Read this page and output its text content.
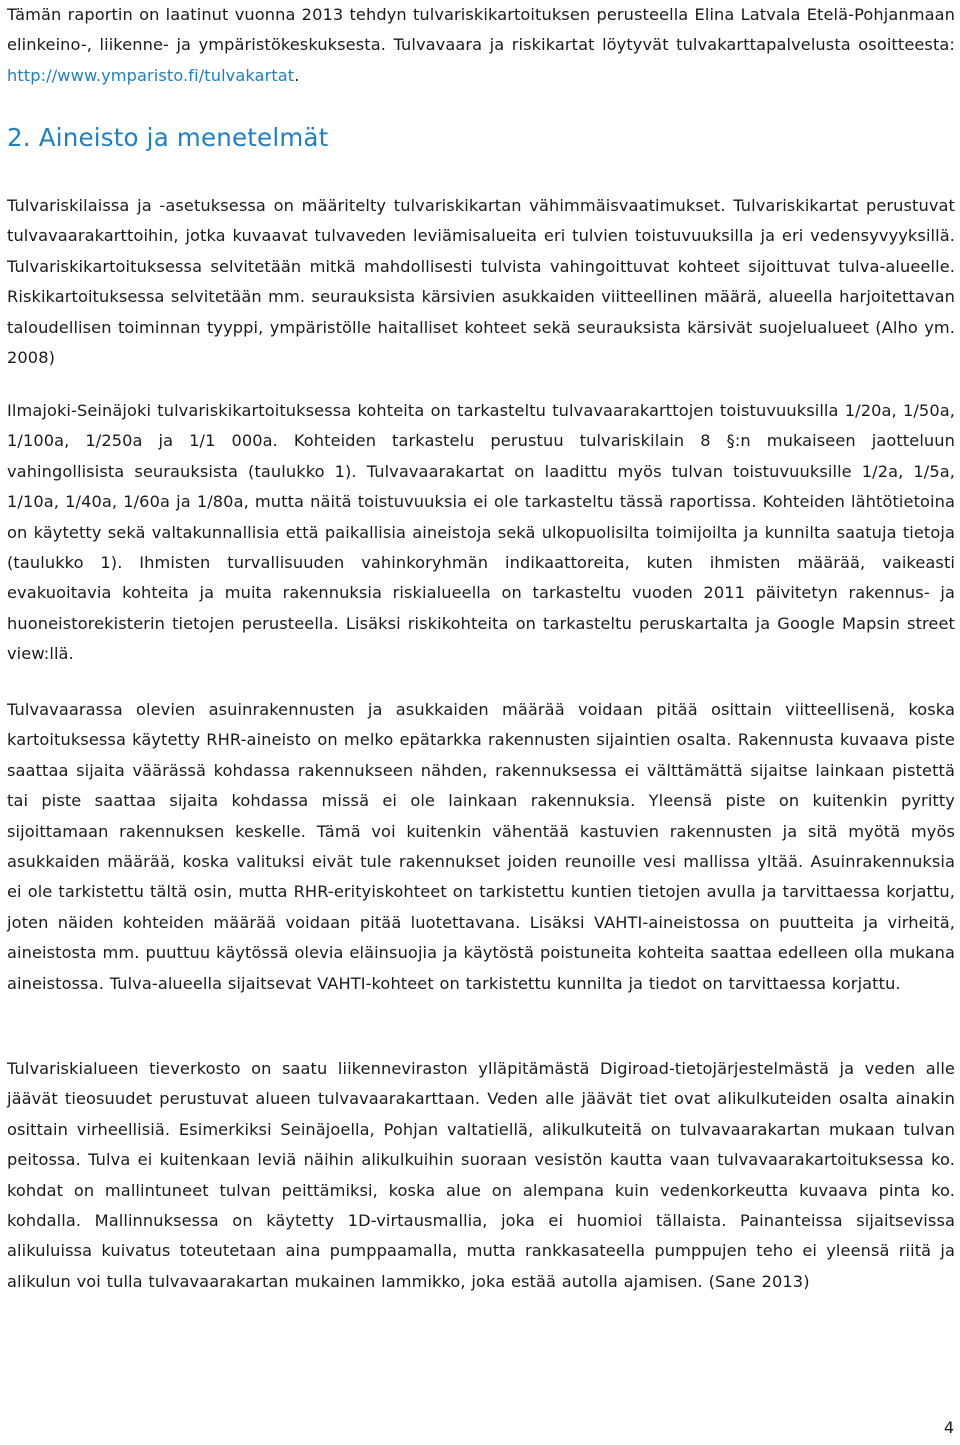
Tämän raportin on laatinut vuonna 2013 tehdyn tulvariskikartoituksen perusteella Elina Latvala Etelä-Pohjanmaan elinkeino-, liikenne- ja ympäristökeskuksesta. Tulvavaara ja riskikartat löytyvät tulvakarttapalvelusta osoitteesta: http://www.ymparisto.fi/tulvakartat.

2. Aineisto ja menetelmät

Tulvariskilaissa ja -asetuksessa on määritelty tulvariskikartan vähimmäisvaatimukset. Tulvariskikartat perustuvat tulvavaarakarttoihin, jotka kuvaavat tulvaveden leviämisalueita eri tulvien toistuvuuksilla ja eri vedensyvyyksillä. Tulvariskikartoituksessa selvitetään mitkä mahdollisesti tulvista vahingoittuvat kohteet sijoittuvat tulva-alueelle. Riskikartoituksessa selvitetään mm. seurauksista kärsivien asukkaiden viitteellinen määrä, alueella harjoitettavan taloudellisen toiminnan tyyppi, ympäristölle haitalliset kohteet sekä seurauksista kärsivät suojelualueet (Alho ym. 2008)

Ilmajoki-Seinäjoki tulvariskikartoituksessa kohteita on tarkasteltu tulvavaarakarttojen toistuvuuksilla 1/20a, 1/50a, 1/100a, 1/250a ja 1/1 000a. Kohteiden tarkastelu perustuu tulvariskilain 8 §:n mukaiseen jaotteluun vahingollisista seurauksista (taulukko 1). Tulvavaarakartat on laadittu myös tulvan toistuvuuksille 1/2a, 1/5a, 1/10a, 1/40a, 1/60a ja 1/80a, mutta näitä toistuvuuksia ei ole tarkasteltu tässä raportissa. Kohteiden lähtötietoina on käytetty sekä valtakunnallisia että paikallisia aineistoja sekä ulkopuolisilta toimijoilta ja kunnilta saatuja tietoja (taulukko 1). Ihmisten turvallisuuden vahinkoryhmän indikaattoreita, kuten ihmisten määrää, vaikeasti evakuoitavia kohteita ja muita rakennuksia riskialueella on tarkasteltu vuoden 2011 päivitetyn rakennus- ja huoneistorekisterin tietojen perusteella. Lisäksi riskikohteita on tarkasteltu peruskartalta ja Google Mapsin street view:llä.

Tulvavaarassa olevien asuinrakennusten ja asukkaiden määrää voidaan pitää osittain viitteellisenä, koska kartoituksessa käytetty RHR-aineisto on melko epätarkka rakennusten sijaintien osalta. Rakennusta kuvaava piste saattaa sijaita väärässä kohdassa rakennukseen nähden, rakennuksessa ei välttämättä sijaitse lainkaan pistettä tai piste saattaa sijaita kohdassa missä ei ole lainkaan rakennuksia. Yleensä piste on kuitenkin pyritty sijoittamaan rakennuksen keskelle. Tämä voi kuitenkin vähentää kastuvien rakennusten ja sitä myötä myös asukkaiden määrää, koska valituksi eivät tule rakennukset joiden reunoille vesi mallissa yltää. Asuinrakennuksia ei ole tarkistettu tältä osin, mutta RHR-erityiskohteet on tarkistettu kuntien tietojen avulla ja tarvittaessa korjattu, joten näiden kohteiden määrää voidaan pitää luotettavana. Lisäksi VAHTI-aineistossa on puutteita ja virheitä, aineistosta mm. puuttuu käytössä olevia eläinsuojia ja käytöstä poistuneita kohteita saattaa edelleen olla mukana aineistossa. Tulva-alueella sijaitsevat VAHTI-kohteet on tarkistettu kunnilta ja tiedot on tarvittaessa korjattu.

Tulvariskialueen tieverkosto on saatu liikenneviraston ylläpitämästä Digiroad-tietojärjestelmästä ja veden alle jäävät tieosuudet perustuvat alueen tulvavaarakarttaan. Veden alle jäävät tiet ovat alikulkuteiden osalta ainakin osittain virheellisiä. Esimerkiksi Seinäjoella, Pohjan valtatiellä, alikulkuteitä on tulvavaarakartan mukaan tulvan peitossa. Tulva ei kuitenkaan leviä näihin alikulkuihin suoraan vesistön kautta vaan tulvavaarakartoituksessa ko. kohdat on mallintuneet tulvan peittämiksi, koska alue on alempana kuin vedenkorkeutta kuvaava pinta ko. kohdalla. Mallinnuksessa on käytetty 1D-virtausmallia, joka ei huomioi tällaista. Painanteissa sijaitsevissa alikuluissa kuivatus toteutetaan aina pumppaamalla, mutta rankkasateella pumppujen teho ei yleensä riitä ja alikulun voi tulla tulvavaarakartan mukainen lammikko, joka estää autolla ajamisen. (Sane 2013)

4
